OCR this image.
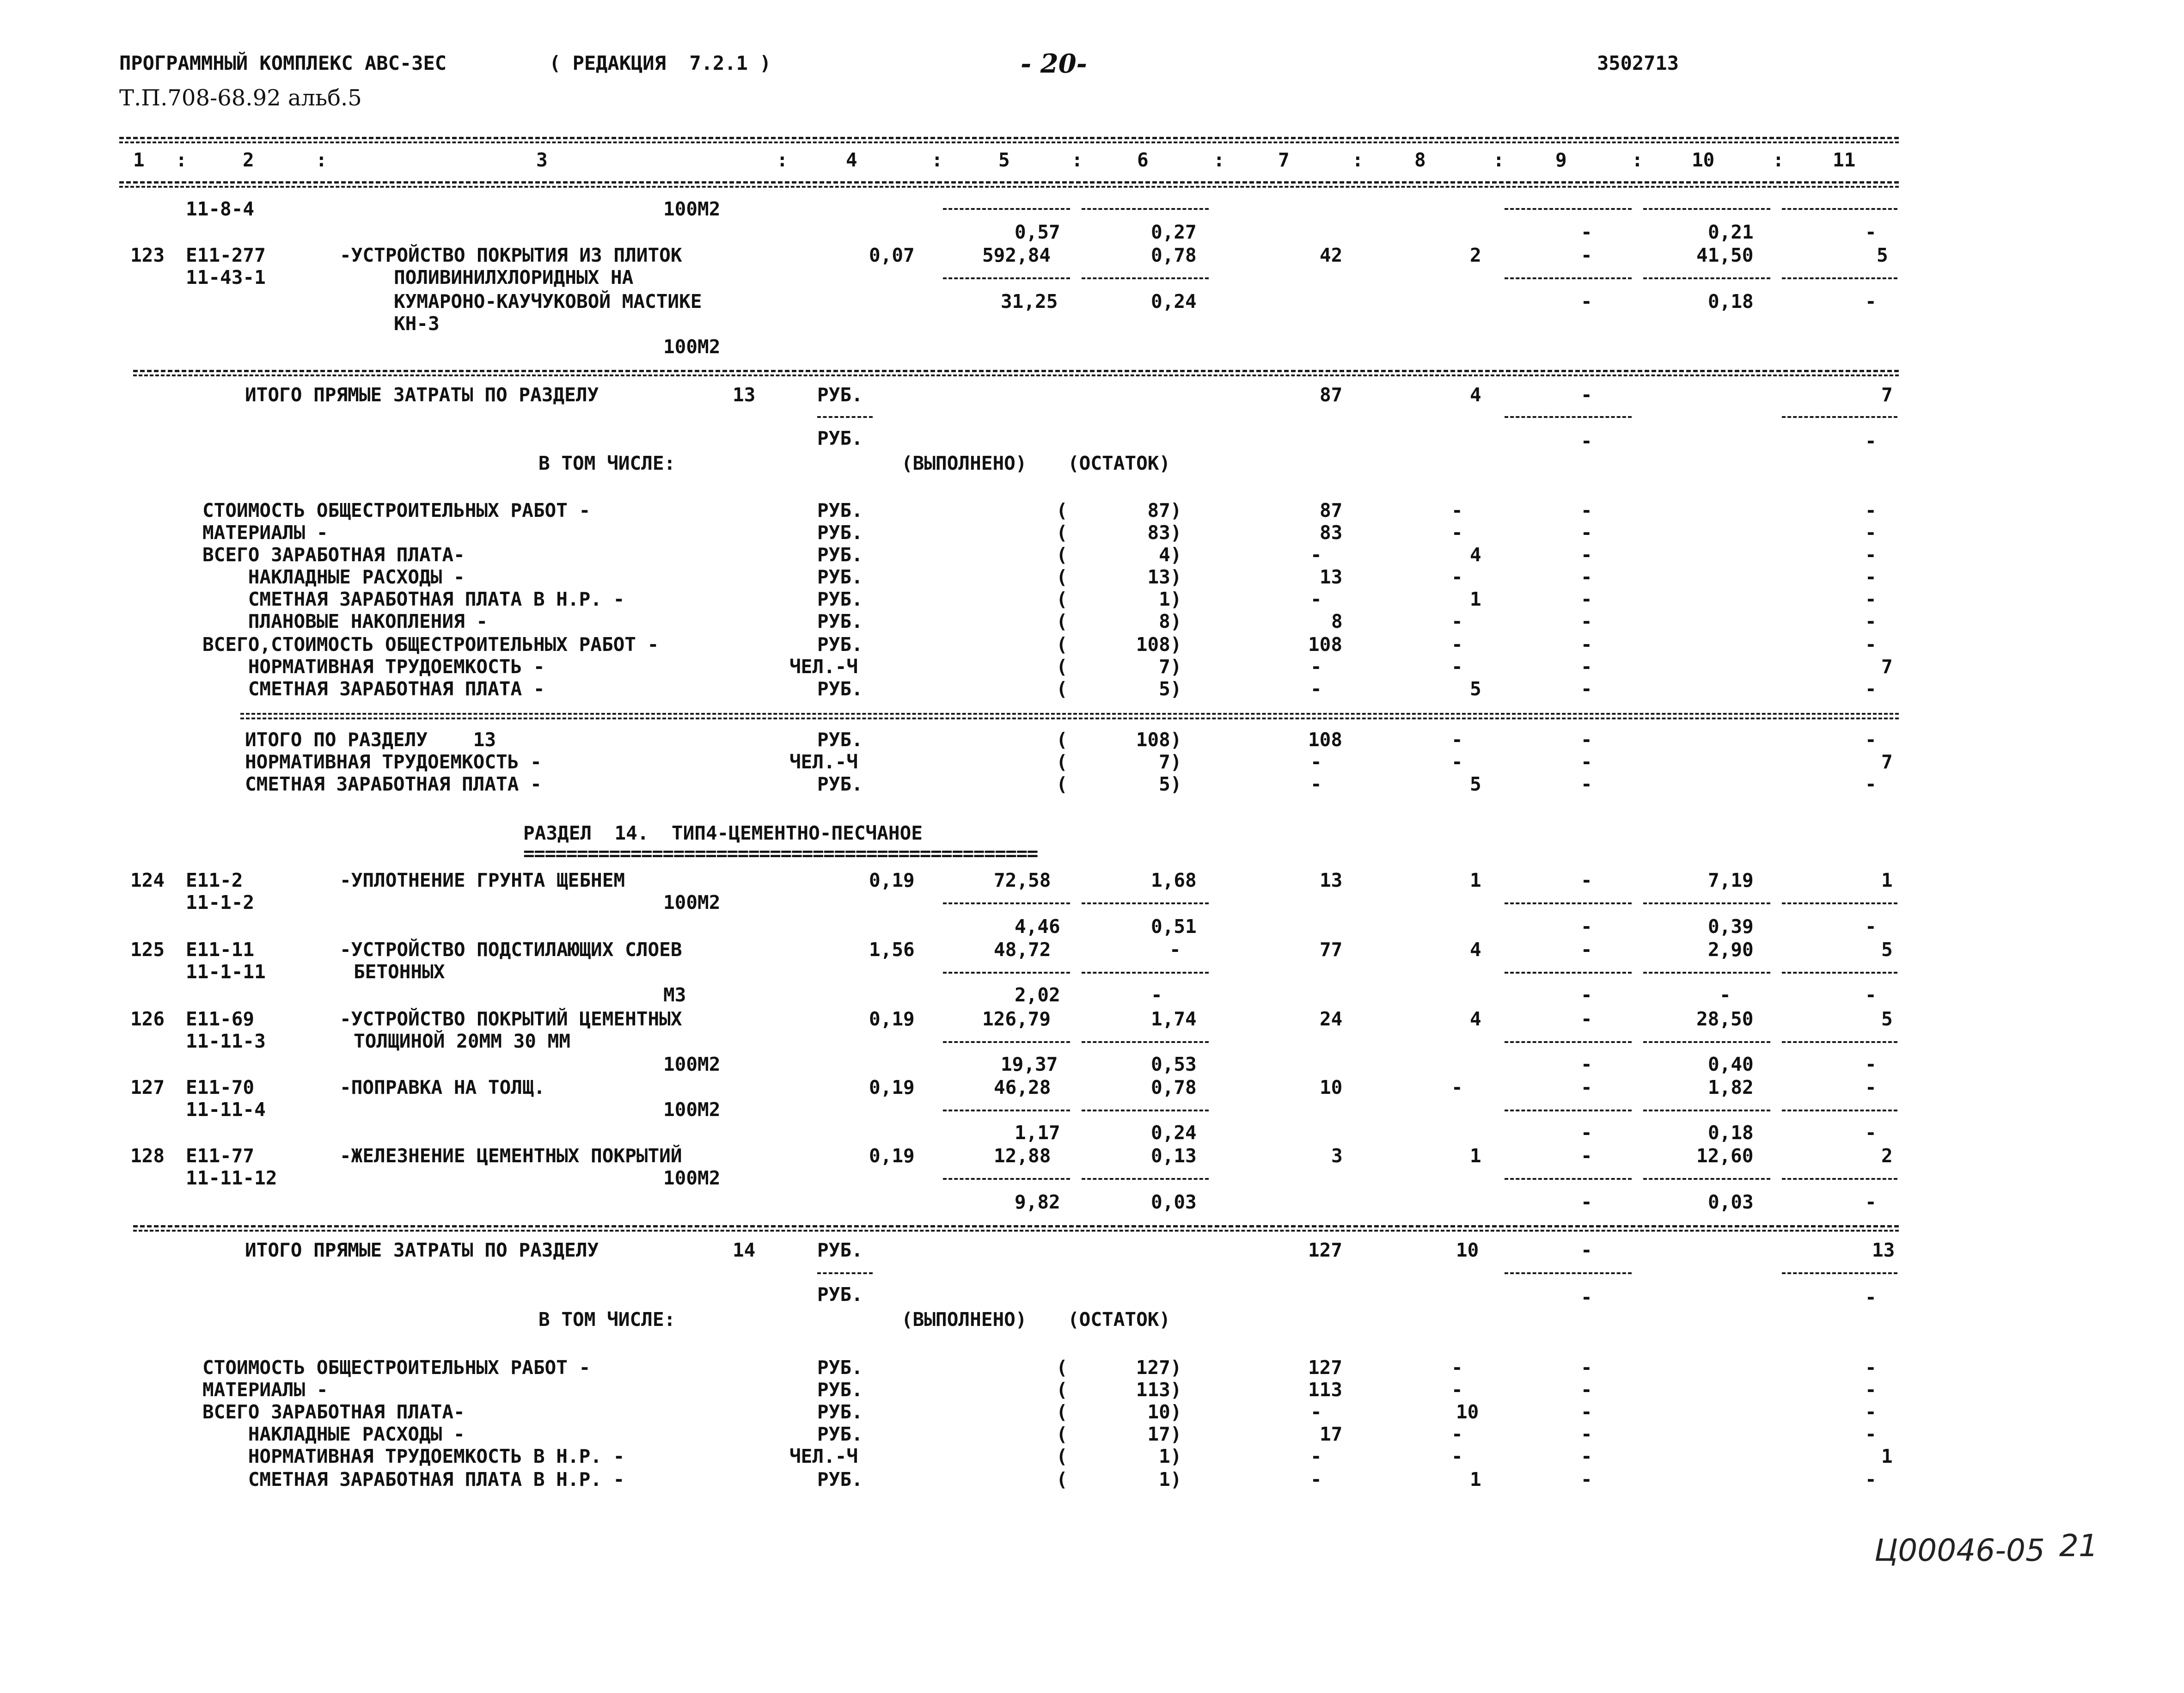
ПРОГРАММНЫЙ КОМПЛЕКС АВС-3ЕС	( РЕДАКЦИЯ  7.2.1 )	- 20-	3502713
Т.П.708-68.92 альб.5
1 :	2	:	3	:	4	:	5	:	6	:	7	:	8	:	9	:	10	:	11
11-8-4	100М2
0,57	0,27	-	0,21	-
123 Е11-277	-УСТРОЙСТВО ПОКРЫТИЯ ИЗ ПЛИТОК	0,07	592,84	0,78	42	2	-	41,50	5
11-43-1	ПОЛИВИНИЛХЛОРИДНЫХ НА
КУМАРОНО-КАУЧУКОВОЙ МАСТИКЕ	31,25	0,24	-	0,18	-
КН-3
100М2
ИТОГО ПРЯМЫЕ ЗАТРАТЫ ПО РАЗДЕЛУ	13	РУБ.	87	4	-	7
РУБ.	-	-
В ТОМ ЧИСЛЕ:	(ВЫПОЛНЕНО) (ОСТАТОК)
СТОИМОСТЬ ОБЩЕСТРОИТЕЛЬНЫХ РАБОТ -	РУБ.	(       87)	87	-	-	-
МАТЕРИАЛЫ -	РУБ.	(       83)	83	-	-	-
ВСЕГО ЗАРАБОТНАЯ ПЛАТА-	РУБ.	(        4)	-	4	-	-
НАКЛАДНЫЕ РАСХОДЫ -	РУБ.	(       13)	13	-	-	-
СМЕТНАЯ ЗАРАБОТНАЯ ПЛАТА В Н.Р. -	РУБ.	(        1)	-	1	-	-
ПЛАНОВЫЕ НАКОПЛЕНИЯ -	РУБ.	(        8)	8	-	-	-
ВСЕГО,СТОИМОСТЬ ОБЩЕСТРОИТЕЛЬНЫХ РАБОТ -	РУБ.	(      108)	108	-	-	-
НОРМАТИВНАЯ ТРУДОЕМКОСТЬ -	ЧЕЛ.-Ч	(        7)	-	-	-	7
СМЕТНАЯ ЗАРАБОТНАЯ ПЛАТА -	РУБ.	(        5)	-	5	-	-
ИТОГО ПО РАЗДЕЛУ    13	РУБ.	(      108)	108	-	-	-
НОРМАТИВНАЯ ТРУДОЕМКОСТЬ -	ЧЕЛ.-Ч	(        7)	-	-	-	7
СМЕТНАЯ ЗАРАБОТНАЯ ПЛАТА -	РУБ.	(        5)	-	5	-	-
РАЗДЕЛ  14.  ТИП4-ЦЕМЕНТНО-ПЕСЧАНОЕ
================================================
124 Е11-2	-УПЛОТНЕНИЕ ГРУНТА ЩЕБНЕМ	0,19	72,58	1,68	13	1	-	7,19	1
11-1-2	100М2
4,46	0,51	-	0,39	-
125 Е11-11	-УСТРОЙСТВО ПОДСТИЛАЮЩИХ СЛОЕВ	1,56	48,72	-	77	4	-	2,90	5
11-1-11	БЕТОННЫХ
М3	2,02	-	-	-	-
126 Е11-69	-УСТРОЙСТВО ПОКРЫТИЙ ЦЕМЕНТНЫХ	0,19	126,79	1,74	24	4	-	28,50	5
11-11-3	ТОЛЩИНОЙ 20ММ 30 ММ
100М2	19,37	0,53	-	0,40	-
127 Е11-70	-ПОПРАВКА НА ТОЛЩ.	0,19	46,28	0,78	10	-	-	1,82	-
11-11-4	100М2
1,17	0,24	-	0,18	-
128 Е11-77	-ЖЕЛЕЗНЕНИЕ ЦЕМЕНТНЫХ ПОКРЫТИЙ	0,19	12,88	0,13	3	1	-	12,60	2
11-11-12	100М2
9,82	0,03	-	0,03	-
ИТОГО ПРЯМЫЕ ЗАТРАТЫ ПО РАЗДЕЛУ	14	РУБ.	127	10	-	13
РУБ.	-	-
В ТОМ ЧИСЛЕ:	(ВЫПОЛНЕНО) (ОСТАТОК)
СТОИМОСТЬ ОБЩЕСТРОИТЕЛЬНЫХ РАБОТ -	РУБ.	(      127)	127	-	-	-
МАТЕРИАЛЫ -	РУБ.	(      113)	113	-	-	-
ВСЕГО ЗАРАБОТНАЯ ПЛАТА-	РУБ.	(       10)	-	10	-	-
НАКЛАДНЫЕ РАСХОДЫ -	РУБ.	(       17)	17	-	-	-
НОРМАТИВНАЯ ТРУДОЕМКОСТЬ В Н.Р. -	ЧЕЛ.-Ч	(        1)	-	-	-	1
СМЕТНАЯ ЗАРАБОТНАЯ ПЛАТА В Н.Р. -	РУБ.	(        1)	-	1	-	-
Ц00046-05 21
